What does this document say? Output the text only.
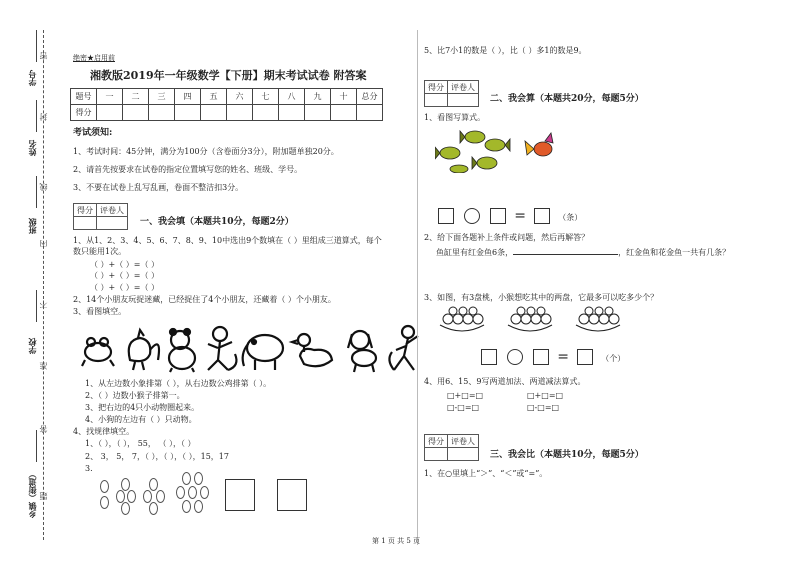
学号
姓名
班级
学校
乡镇（街道）
密
封
线
内
不
准
答
题
绝密★启用前
湘教版2019年一年级数学【下册】期末考试试卷 附答案
题号	一	二	三	四	五	六	七	八	九	十	总分
得分											
考试须知:
1、考试时间：45分钟，满分为100分（含卷面分3分），附加题单独20分。
2、请首先按要求在试卷的指定位置填写您的姓名、班级、学号。
3、不要在试卷上乱写乱画，卷面不整洁扣3分。
得分	评卷人

一、我会填（本题共10分，每题2分）
1、从1、2、3、4、5、6、7、8、9、10中选出9个数填在（ ）里组成三道算式，每个数只能用1次。
（ ）+（ ）=（ ）
（ ）+（ ）=（ ）
（ ）+（ ）=（ ）
2、14个小朋友玩捉迷藏，已经捉住了4个小朋友，还藏着（ ）个小朋友。
3、看图填空。
1、从左边数小象排第（ ），从右边数公鸡排第（ ）。
2、（ ）边数小猴子排第一。
3、把右边的4只小动物圈起来。
4、小狗的左边有（ ）只动物。
4、找规律填空。
1、（ ），（ ）， 55， （ ），（ ）
2、 3， 5， 7，（ ），（ ），（ ），15，17
3.
5、比7小1的数是（ ），比（ ）多1的数是9。
得分	评卷人

二、我会算（本题共20分，每题5分）
1、看图写算式。
=	（条）
2、给下面各题补上条件或问题，然后再解答？
鱼缸里有红金鱼6条，	，红金鱼和花金鱼一共有几条？
3、如图，有3盘桃，小猴想吃其中的两盘，它最多可以吃多少个？
=	（个）
4、用6、15、9写两道加法、两道减法算式。
□+□=□	□+□=□
□-□=□	□-□=□
得分	评卷人

三、我会比（本题共10分，每题5分）
1、在○里填上“＞”、“＜”或“=”。
第 1 页 共 5 页
